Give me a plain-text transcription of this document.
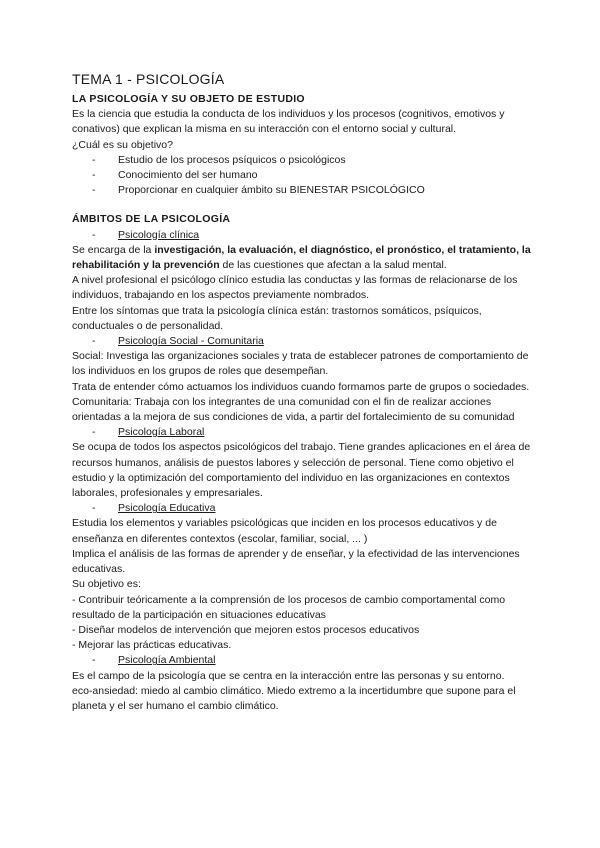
TEMA 1 - PSICOLOGÍA

LA PSICOLOGÍA Y SU OBJETO DE ESTUDIO

Es la ciencia que estudia la conducta de los individuos y los procesos (cognitivos, emotivos y conativos) que explican la misma en su interacción con el entorno social y cultural.

¿Cuál es su objetivo?

- Estudio de los procesos psíquicos o psicológicos
- Conocimiento del ser humano
- Proporcionar en cualquier ámbito su BIENESTAR PSICOLÓGICO

ÁMBITOS DE LA PSICOLOGÍA

- Psicología clínica

Se encarga de la investigación, la evaluación, el diagnóstico, el pronóstico, el tratamiento, la rehabilitación y la prevención de las cuestiones que afectan a la salud mental.

A nivel profesional el psicólogo clínico estudia las conductas y las formas de relacionarse de los individuos, trabajando en los aspectos previamente nombrados.

Entre los síntomas que trata la psicología clínica están: trastornos somáticos, psíquicos, conductuales o de personalidad.

- Psicología Social - Comunitaria

Social: Investiga las organizaciones sociales y trata de establecer patrones de comportamiento de los individuos en los grupos de roles que desempeñan.

Trata de entender cómo actuamos los individuos cuando formamos parte de grupos o sociedades.

Comunitaria: Trabaja con los integrantes de una comunidad con el fin de realizar acciones orientadas a la mejora de sus condiciones de vida, a partir del fortalecimiento de su comunidad

- Psicología Laboral

Se ocupa de todos los aspectos psicológicos del trabajo. Tiene grandes aplicaciones en el área de recursos humanos, análisis de puestos labores y selección de personal. Tiene como objetivo el estudio y la optimización del comportamiento del individuo en las organizaciones en contextos laborales, profesionales y empresariales.

- Psicología Educativa

Estudia los elementos y variables psicológicas que inciden en los procesos educativos y de enseñanza en diferentes contextos (escolar, familiar, social, ... )

Implica el análisis de las formas de aprender y de enseñar, y la efectividad de las intervenciones educativas.

Su objetivo es:

- Contribuir teóricamente a la comprensión de los procesos de cambio comportamental como resultado de la participación en situaciones educativas

- Diseñar modelos de intervención que mejoren estos procesos educativos

- Mejorar las prácticas educativas.

- Psicología Ambiental

Es el campo de la psicología que se centra en la interacción entre las personas y su entorno.

eco-ansiedad: miedo al cambio climático. Miedo extremo a la incertidumbre que supone para el planeta y el ser humano el cambio climático.
